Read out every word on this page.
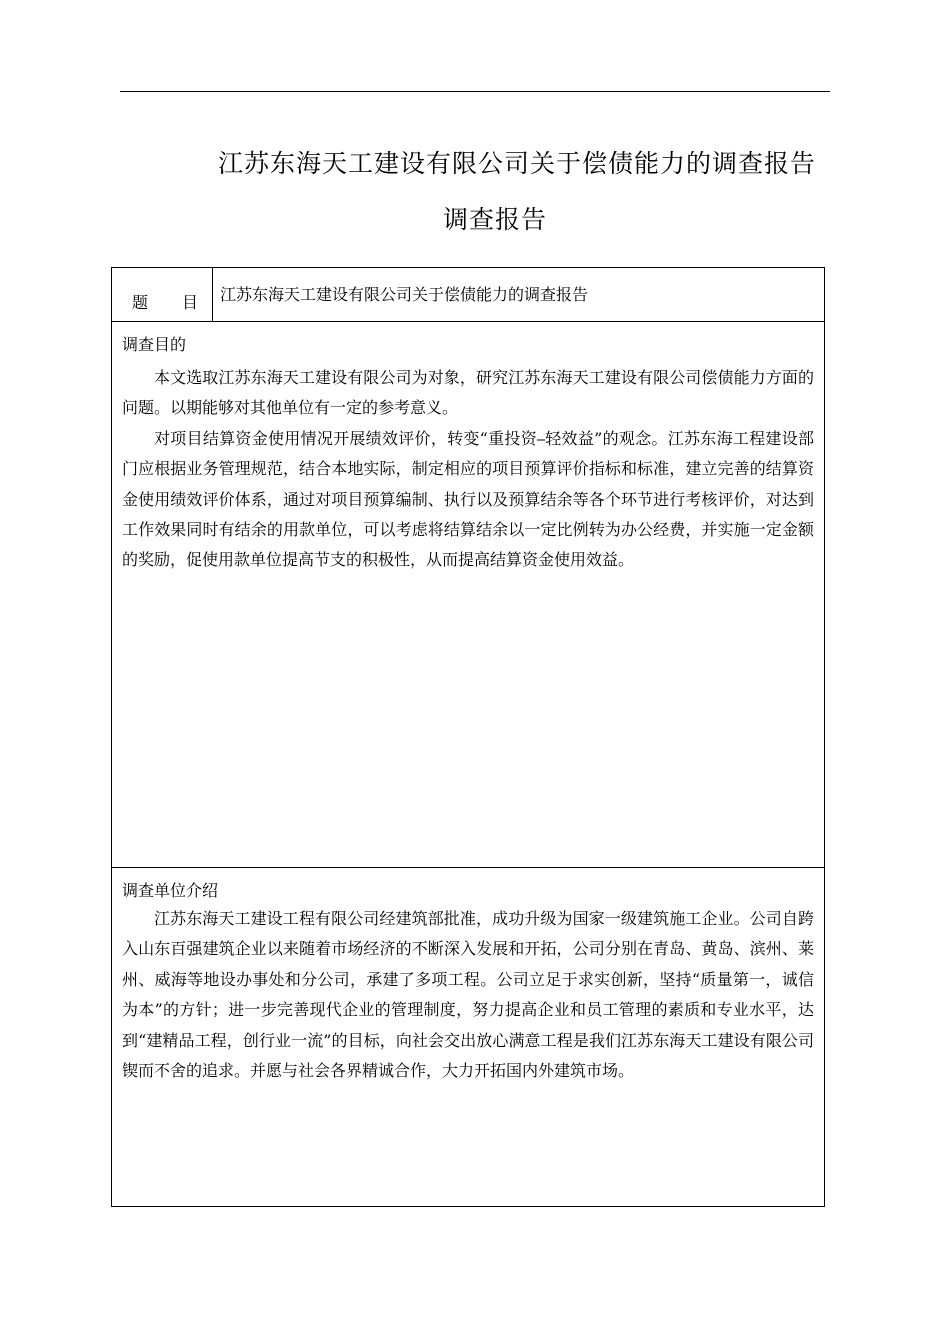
江苏东海天工建设有限公司关于偿债能力的调查报告
调查报告
题 目 江苏东海天工建设有限公司关于偿债能力的调查报告
调查目的

本文选取江苏东海天工建设有限公司为对象，研究江苏东海天工建设有限公司偿债能力方面的问题。以期能够对其他单位有一定的参考意义。

对项目结算资金使用情况开展绩效评价，转变“重投资⎯轻效益”的观念。江苏东海工程建设部门应根据业务管理规范，结合本地实际，制定相应的项目预算评价指标和标准，建立完善的结算资金使用绩效评价体系，通过对项目预算编制、执行以及预算结余等各个环节进行考核评价，对达到工作效果同时有结余的用款单位，可以考虑将结算结余以一定比例转为办公经费，并实施一定金额的奖励，促使用款单位提高节支的积极性，从而提高结算资金使用效益。

调查单位介绍

江苏东海天工建设工程有限公司经建筑部批准，成功升级为国家一级建筑施工企业。公司自跨入山东百强建筑企业以来随着市场经济的不断深入发展和开拓，公司分别在青岛、黄岛、滨州、莱州、威海等地设办事处和分公司，承建了多项工程。公司立足于求实创新，坚持“质量第一，诚信为本”的方针；进一步完善现代企业的管理制度，努力提高企业和员工管理的素质和专业水平，达到“建精品工程，创行业一流”的目标，向社会交出放心满意工程是我们江苏东海天工建设有限公司 锲而不舍的追求。并愿与社会各界精诚合作，大力开拓国内外建筑市场。
